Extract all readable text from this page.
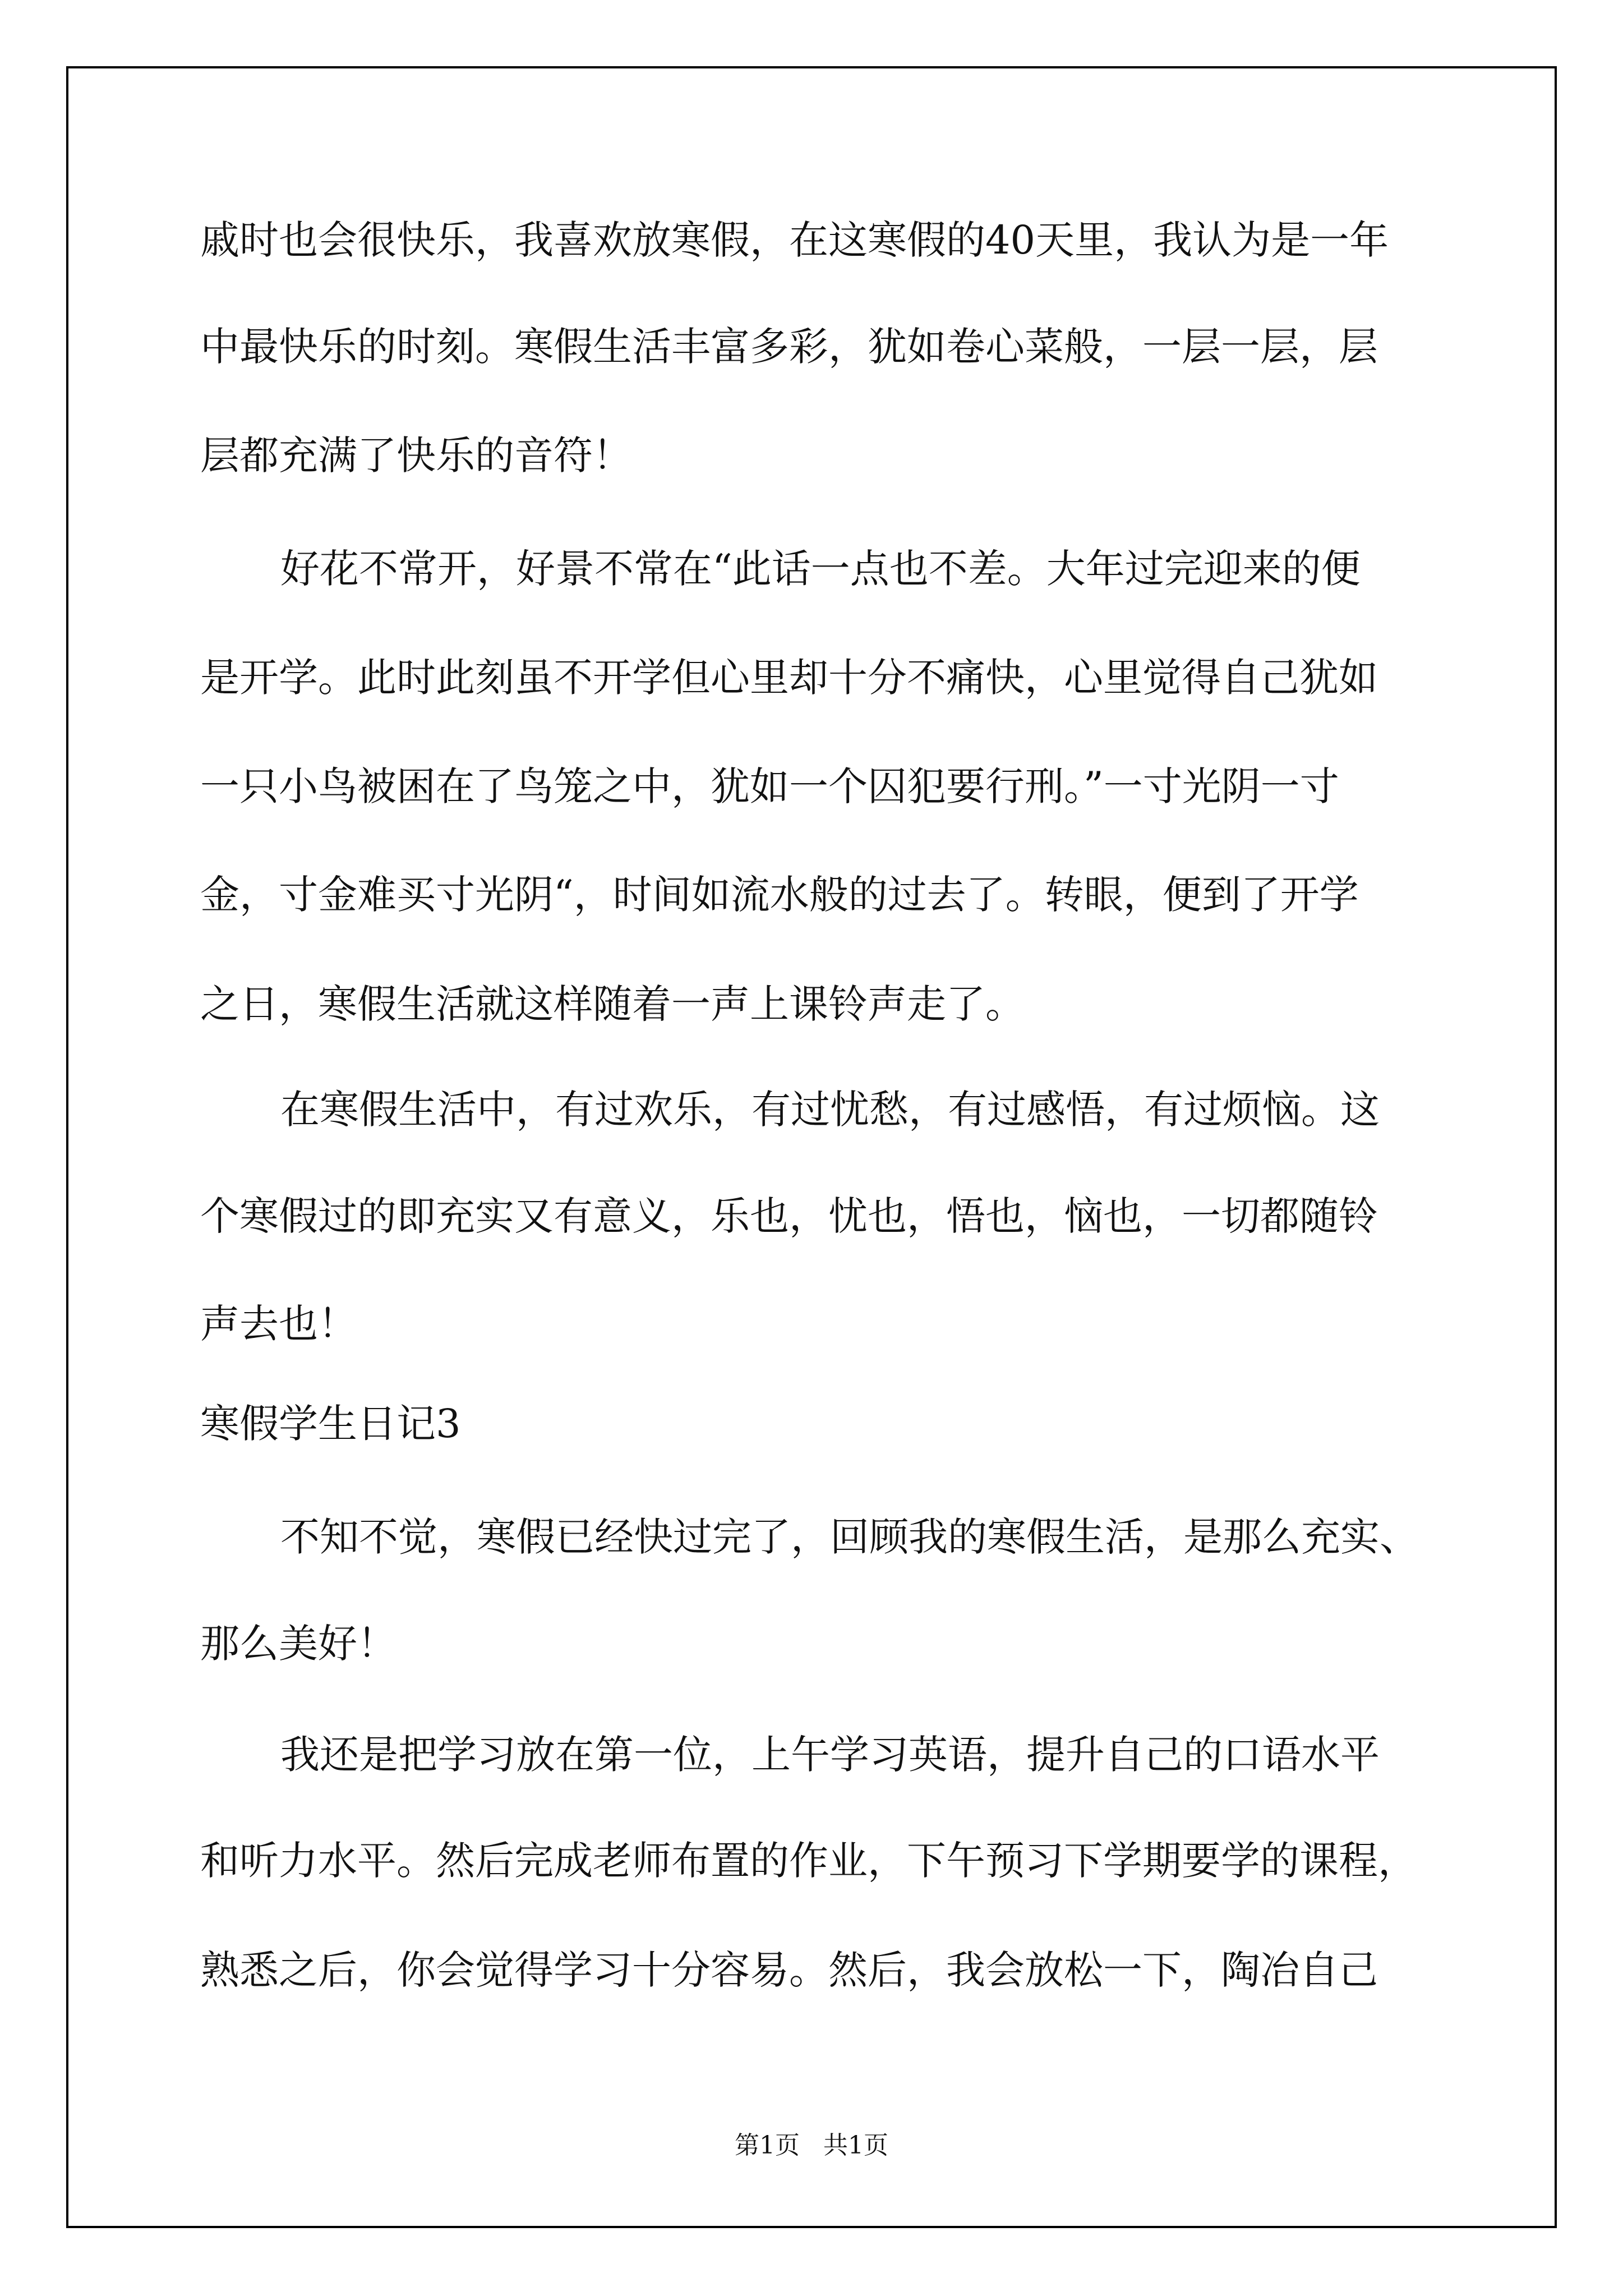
戚时也会很快乐，我喜欢放寒假，在这寒假的40天里，我认为是一年
中最快乐的时刻。寒假生活丰富多彩，犹如卷心菜般，一层一层，层
层都充满了快乐的音符！
好花不常开，好景不常在“此话一点也不差。大年过完迎来的便
是开学。此时此刻虽不开学但心里却十分不痛快，心里觉得自己犹如
一只小鸟被困在了鸟笼之中，犹如一个囚犯要行刑。”一寸光阴一寸
金，寸金难买寸光阴“，时间如流水般的过去了。转眼，便到了开学
之日，寒假生活就这样随着一声上课铃声走了。
在寒假生活中，有过欢乐，有过忧愁，有过感悟，有过烦恼。这
个寒假过的即充实又有意义，乐也，忧也，悟也，恼也，一切都随铃
声去也！
寒假学生日记3
不知不觉，寒假已经快过完了，回顾我的寒假生活，是那么充实、
那么美好！
我还是把学习放在第一位，上午学习英语，提升自己的口语水平
和听力水平。然后完成老师布置的作业，下午预习下学期要学的课程，
熟悉之后，你会觉得学习十分容易。然后，我会放松一下，陶冶自己
第1页   共1页
